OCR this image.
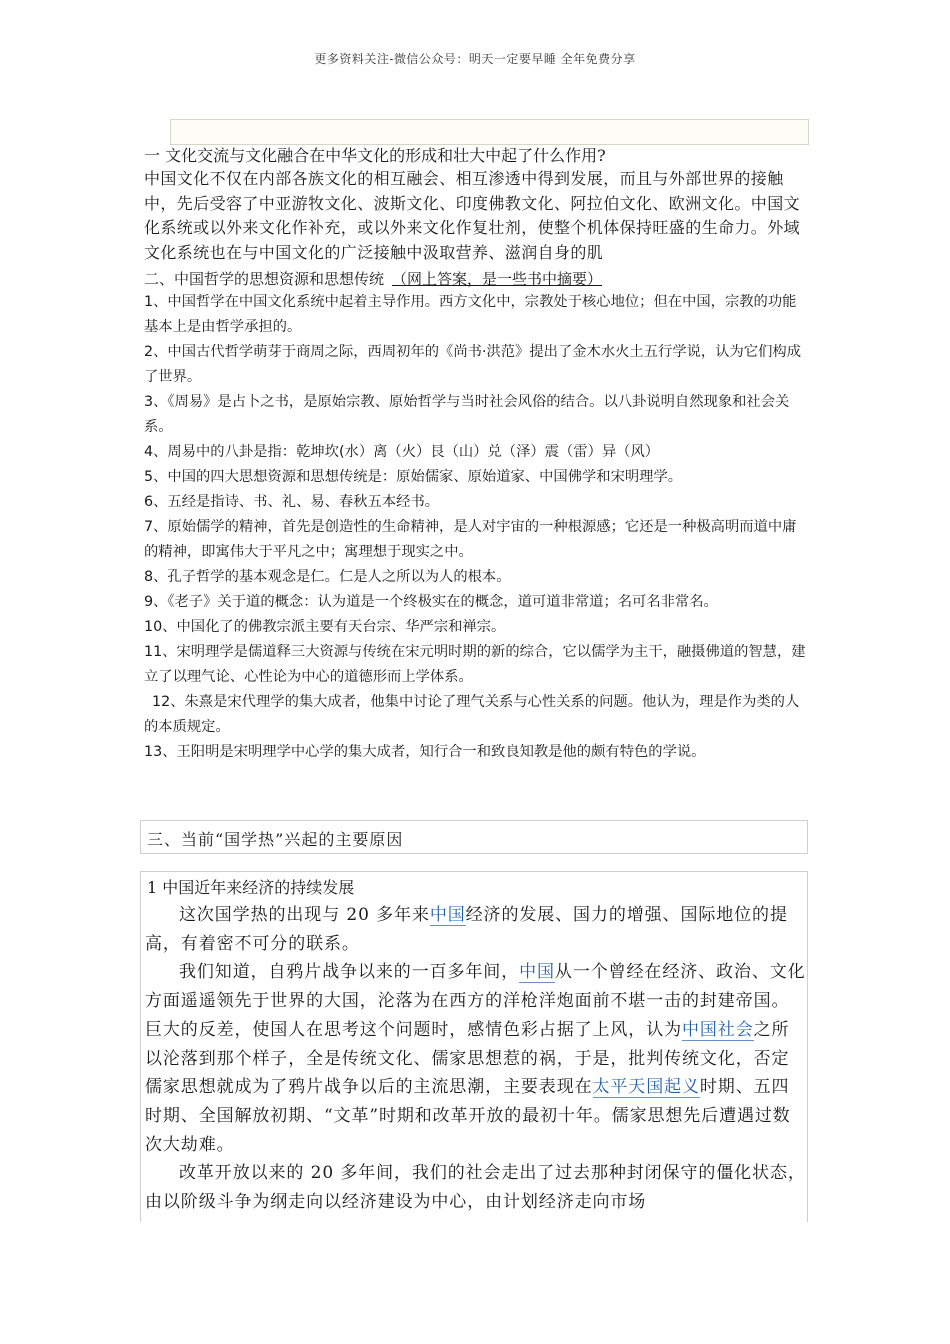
更多资料关注-微信公众号：明天一定要早睡 全年免费分享

一 文化交流与文化融合在中华文化的形成和壮大中起了什么作用?

中国文化不仅在内部各族文化的相互融会、相互渗透中得到发展，而且与外部世界的接触中，先后受容了中亚游牧文化、波斯文化、印度佛教文化、阿拉伯文化、欧洲文化。中国文化系统或以外来文化作补充，或以外来文化作复壮剂，使整个机体保持旺盛的生命力。外域文化系统也在与中国文化的广泛接触中汲取营养、滋润自身的肌

二、中国哲学的思想资源和思想传统 （网上答案，是一些书中摘要）

1、中国哲学在中国文化系统中起着主导作用。西方文化中，宗教处于核心地位；但在中国，宗教的功能基本上是由哲学承担的。
2、中国古代哲学萌芽于商周之际，西周初年的《尚书·洪范》提出了金木水火土五行学说，认为它们构成了世界。
3、《周易》是占卜之书，是原始宗教、原始哲学与当时社会风俗的结合。以八卦说明自然现象和社会关系。
4、周易中的八卦是指：乾坤坎(水）离（火）艮（山）兑（泽）震（雷）异（风）
5、中国的四大思想资源和思想传统是：原始儒家、原始道家、中国佛学和宋明理学。
6、五经是指诗、书、礼、易、春秋五本经书。
7、原始儒学的精神，首先是创造性的生命精神，是人对宇宙的一种根源感；它还是一种极高明而道中庸的精神，即寓伟大于平凡之中；寓理想于现实之中。
8、孔子哲学的基本观念是仁。仁是人之所以为人的根本。
9、《老子》关于道的概念：认为道是一个终极实在的概念，道可道非常道；名可名非常名。
10、中国化了的佛教宗派主要有天台宗、华严宗和禅宗。
11、宋明理学是儒道释三大资源与传统在宋元明时期的新的综合，它以儒学为主干，融摄佛道的智慧，建立了以理气论、心性论为中心的道德形而上学体系。
12、朱熹是宋代理学的集大成者，他集中讨论了理气关系与心性关系的问题。他认为，理是作为类的人的本质规定。
13、王阳明是宋明理学中心学的集大成者，知行合一和致良知教是他的颇有特色的学说。

三、当前“国学热”兴起的主要原因

1 中国近年来经济的持续发展

这次国学热的出现与 20 多年来中国经济的发展、国力的增强、国际地位的提高，有着密不可分的联系。

我们知道，自鸦片战争以来的一百多年间，中国从一个曾经在经济、政治、文化方面遥遥领先于世界的大国，沦落为在西方的洋枪洋炮面前不堪一击的封建帝国。巨大的反差，使国人在思考这个问题时，感情色彩占据了上风，认为中国社会之所以沦落到那个样子，全是传统文化、儒家思想惹的祸，于是，批判传统文化，否定儒家思想就成为了鸦片战争以后的主流思潮，主要表现在太平天国起义时期、五四时期、全国解放初期、“文革”时期和改革开放的最初十年。儒家思想先后遭遇过数次大劫难。

改革开放以来的 20 多年间，我们的社会走出了过去那种封闭保守的僵化状态，由以阶级斗争为纲走向以经济建设为中心，由计划经济走向市场
